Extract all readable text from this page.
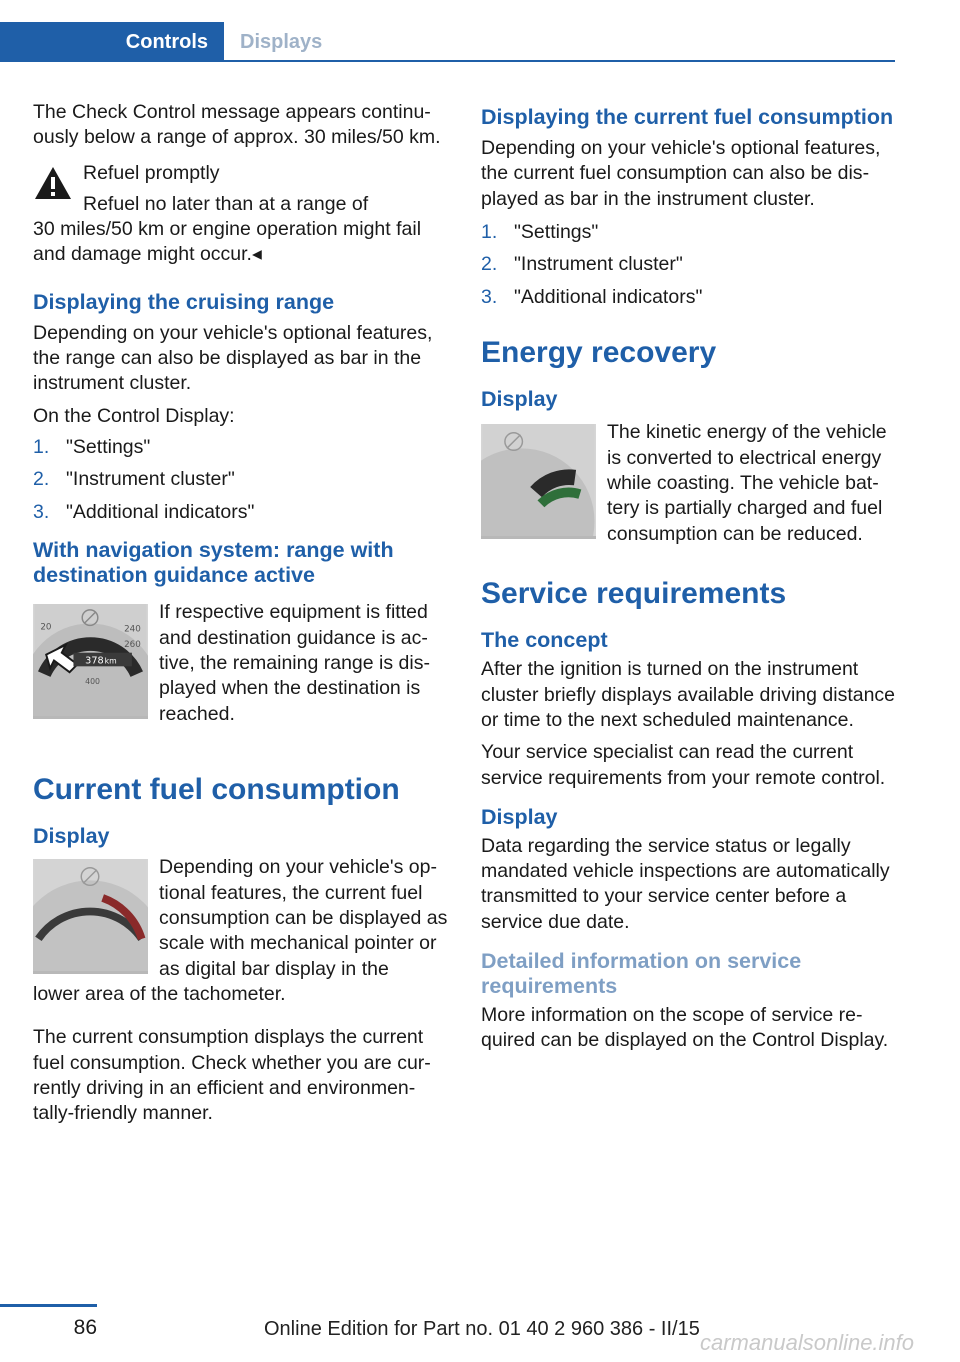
Controls	Displays

The Check Control message appears continuously below a range of approx. 30 miles/50 km.

Refuel promptly
Refuel no later than at a range of
30 miles/50 km or engine operation might fail and damage might occur.◂
Displaying the cruising range

Depending on your vehicle's optional features, the range can also be displayed as bar in the instrument cluster.

On the Control Display:

1. "Settings"
2. "Instrument cluster"
3. "Additional indicators"
With navigation system: range with destination guidance active
20	240
260
378 km
400

If respective equipment is fitted and destination guidance is active, the remaining range is displayed when the destination is reached.

Current fuel consumption
Display

Depending on your vehicle's optional features, the current fuel consumption can be displayed as scale with mechanical pointer or as digital bar display in the

lower area of the tachometer.

The current consumption displays the current fuel consumption. Check whether you are currently driving in an efficient and environmentally-friendly manner.

Displaying the current fuel consumption

Depending on your vehicle's optional features, the current fuel consumption can also be displayed as bar in the instrument cluster.

1. "Settings"
2. "Instrument cluster"
3. "Additional indicators"
Energy recovery
Display

The kinetic energy of the vehicle is converted to electrical energy while coasting. The vehicle battery is partially charged and fuel consumption can be reduced.

Service requirements
The concept

After the ignition is turned on the instrument cluster briefly displays available driving distance or time to the next scheduled maintenance.

Your service specialist can read the current service requirements from your remote control.

Display

Data regarding the service status or legally mandated vehicle inspections are automatically transmitted to your service center before a service due date.

Detailed information on service requirements

More information on the scope of service required can be displayed on the Control Display.

86	Online Edition for Part no. 01 40 2 960 386 - II/15
carmanualsonline.info
